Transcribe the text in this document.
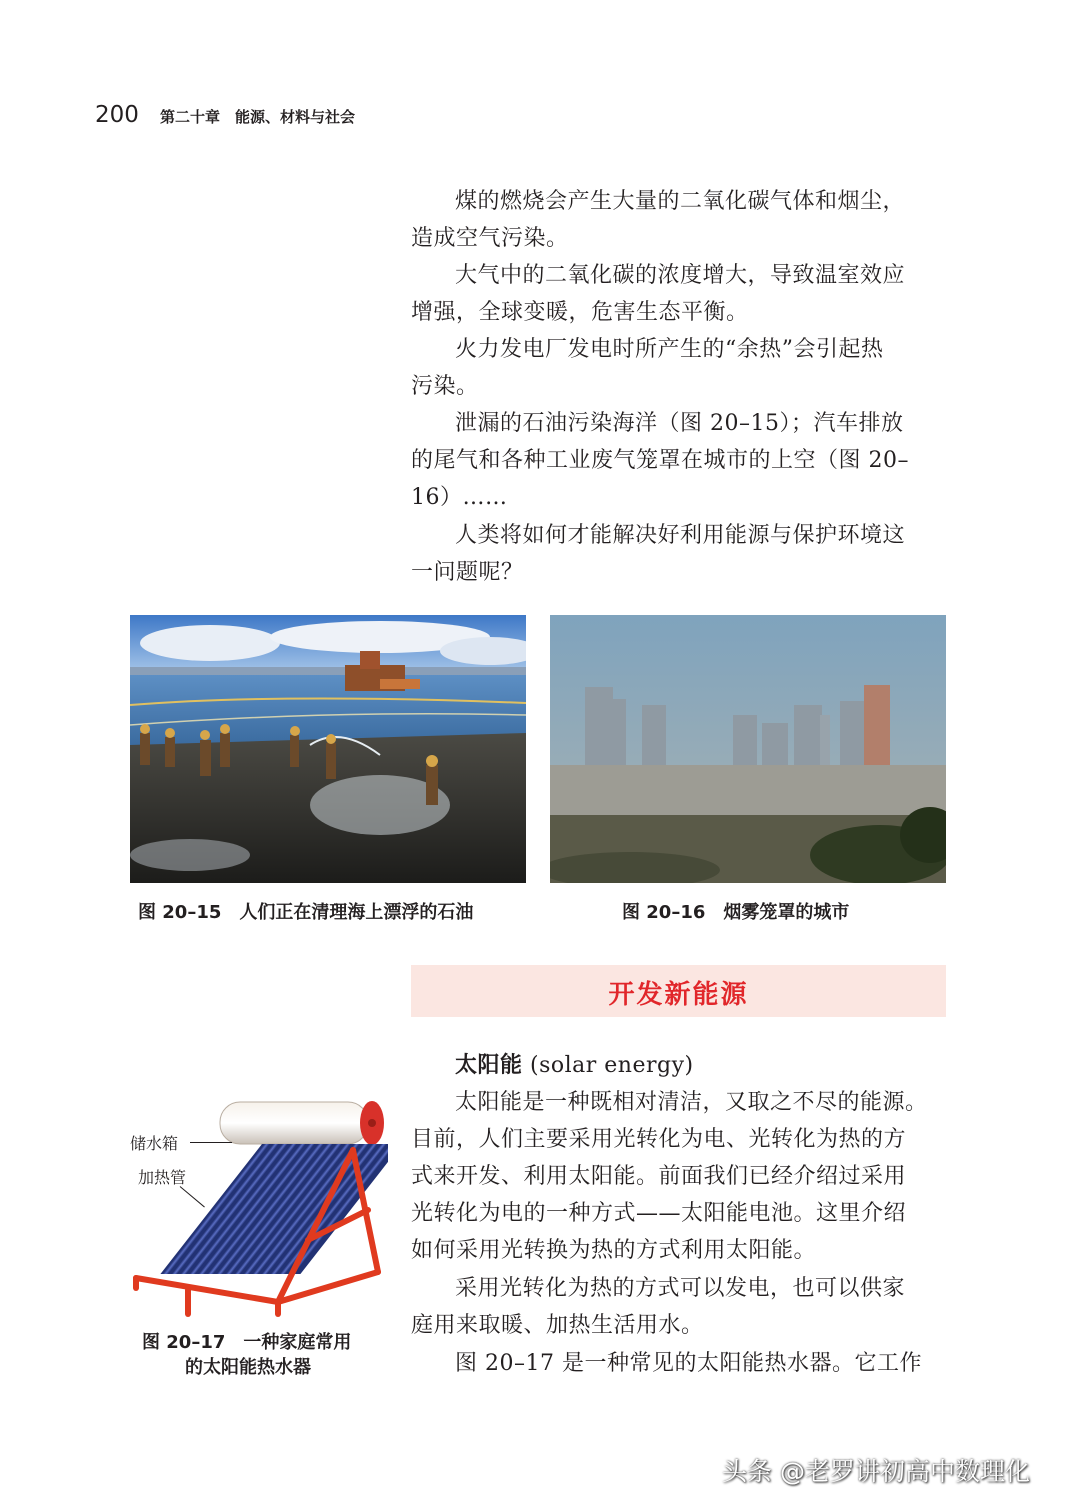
200 第二十章　能源、材料与社会
煤的燃烧会产生大量的二氧化碳气体和烟尘，
造成空气污染。
大气中的二氧化碳的浓度增大，导致温室效应
增强，全球变暖，危害生态平衡。
火力发电厂发电时所产生的“余热”会引起热
污染。
泄漏的石油污染海洋（图 20–15）；汽车排放
的尾气和各种工业废气笼罩在城市的上空（图 20–
16）……
人类将如何才能解决好利用能源与保护环境这
一问题呢？
图 20–15 人们正在清理海上漂浮的石油	图 20–16 烟雾笼罩的城市
开发新能源
太阳能 (solar energy)
太阳能是一种既相对清洁，又取之不尽的能源。
目前，人们主要采用光转化为电、光转化为热的方
式来开发、利用太阳能。前面我们已经介绍过采用
光转化为电的一种方式——太阳能电池。这里介绍
如何采用光转换为热的方式利用太阳能。
采用光转化为热的方式可以发电，也可以供家
庭用来取暖、加热生活用水。
图 20–17 是一种常见的太阳能热水器。它工作
储水箱
加热管
图 20–17 一种家庭常用
的太阳能热水器
头条 @老罗讲初高中数理化
